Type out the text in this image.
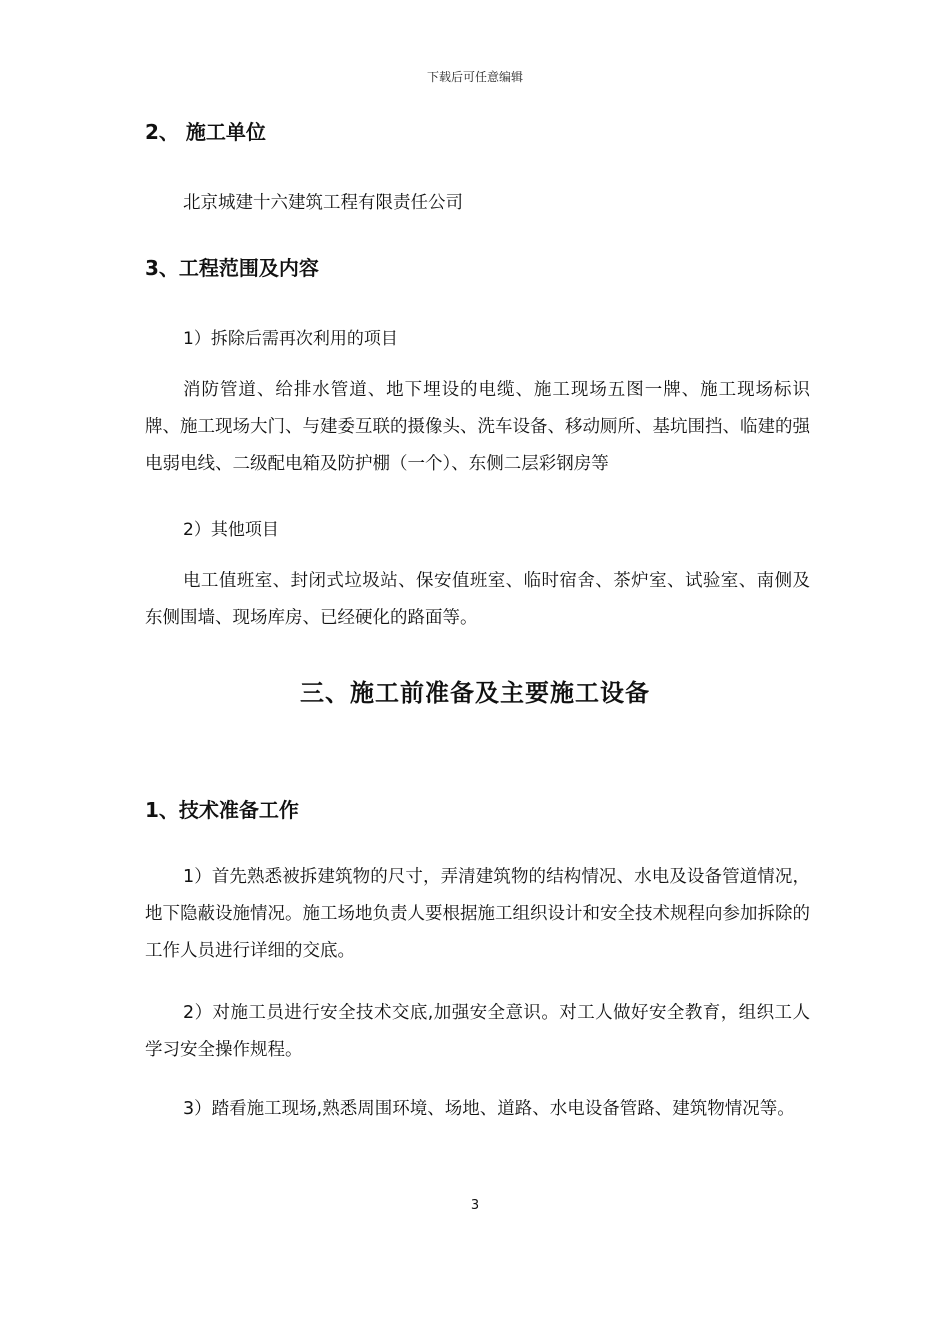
下载后可任意编辑
2、 施工单位
北京城建十六建筑工程有限责任公司
3、工程范围及内容
1）拆除后需再次利用的项目
消防管道、给排水管道、地下埋设的电缆、施工现场五图一牌、施工现场标识牌、施工现场大门、与建委互联的摄像头、洗车设备、移动厕所、基坑围挡、临建的强电弱电线、二级配电箱及防护棚（一个）、东侧二层彩钢房等
2）其他项目
电工值班室、封闭式垃圾站、保安值班室、临时宿舍、茶炉室、试验室、南侧及东侧围墙、现场库房、已经硬化的路面等。
三、施工前准备及主要施工设备
1、技术准备工作
1）首先熟悉被拆建筑物的尺寸，弄清建筑物的结构情况、水电及设备管道情况，地下隐蔽设施情况。施工场地负责人要根据施工组织设计和安全技术规程向参加拆除的工作人员进行详细的交底。
2）对施工员进行安全技术交底,加强安全意识。对工人做好安全教育，组织工人学习安全操作规程。
3）踏看施工现场,熟悉周围环境、场地、道路、水电设备管路、建筑物情况等。
3
